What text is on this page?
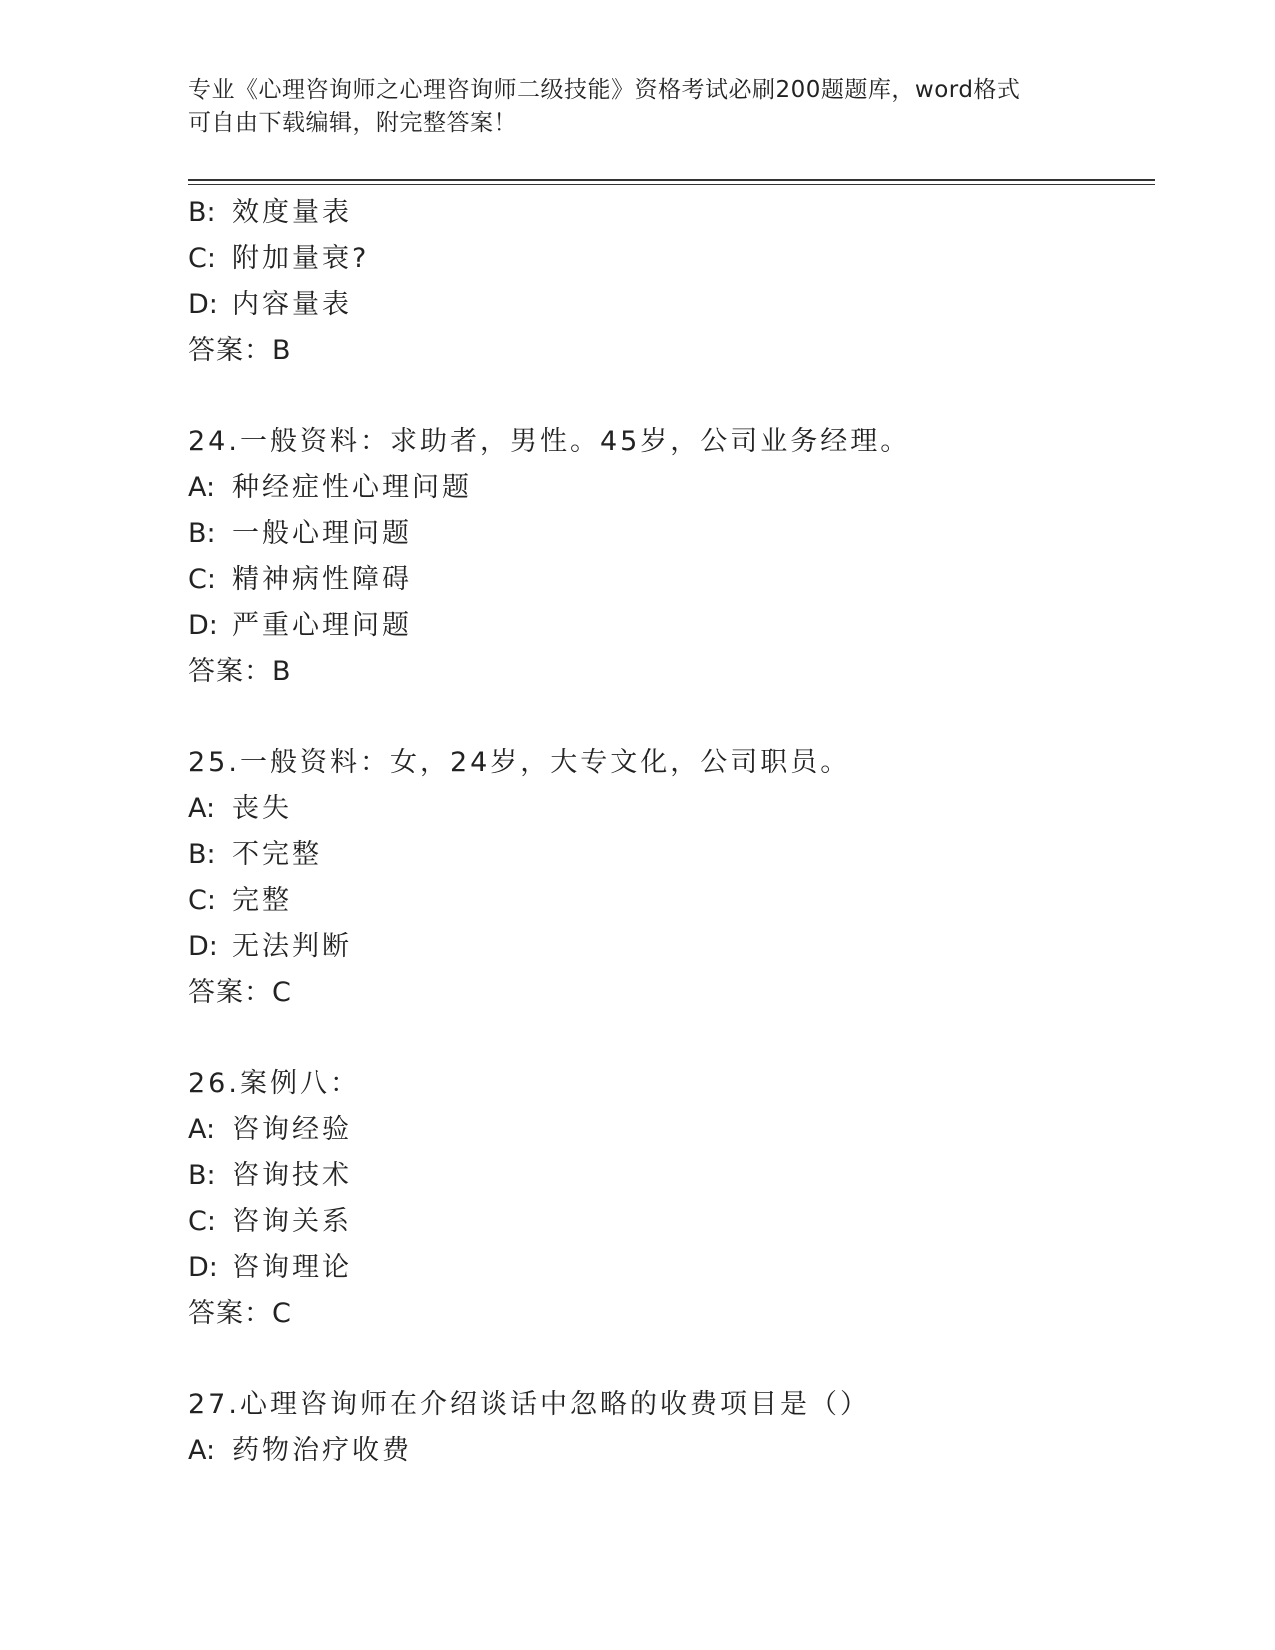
专业《心理咨询师之心理咨询师二级技能》资格考试必刷200题题库，word格式
可自由下载编辑，附完整答案！
B: 效度量表
C: 附加量衰?
D: 内容量表
答案：B
24.一般资料：求助者，男性。45岁，公司业务经理。
A: 种经症性心理问题
B: 一般心理问题
C: 精神病性障碍
D: 严重心理问题
答案：B
25.一般资料：女，24岁，大专文化，公司职员。
A: 丧失
B: 不完整
C: 完整
D: 无法判断
答案：C
26.案例八：
A: 咨询经验
B: 咨询技术
C: 咨询关系
D: 咨询理论
答案：C
27.心理咨询师在介绍谈话中忽略的收费项目是（）
A: 药物治疗收费
